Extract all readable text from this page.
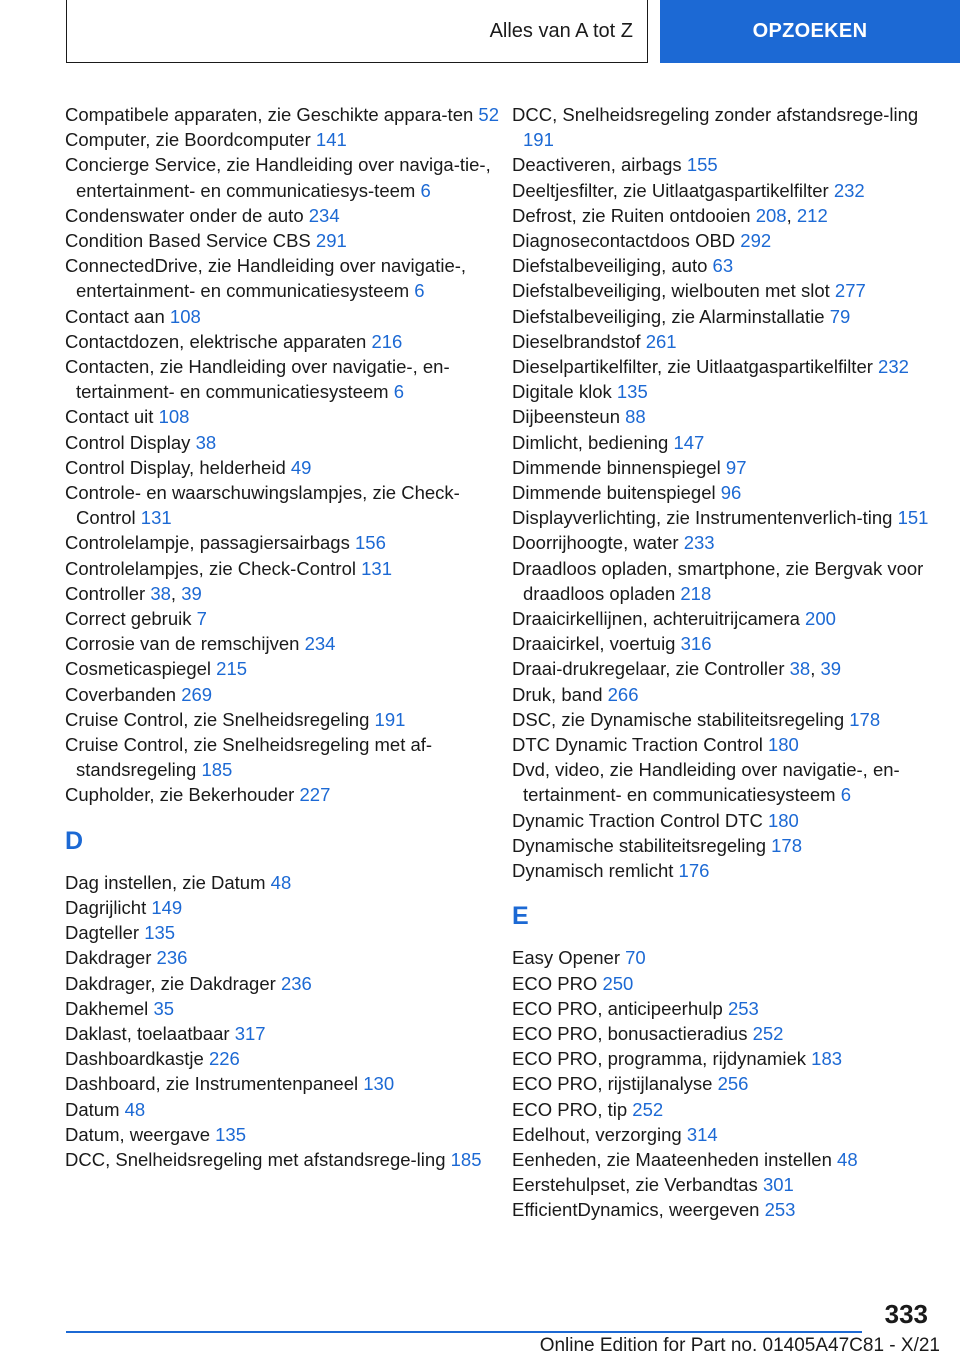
Alles van A tot Z	OPZOEKEN
Compatibele apparaten, zie Geschikte appara-ten 52
Computer, zie Boordcomputer 141
Concierge Service, zie Handleiding over naviga-tie-, entertainment- en communicatiesys-teem 6
Condenswater onder de auto 234
Condition Based Service CBS 291
ConnectedDrive, zie Handleiding over navigatie-, entertainment- en communicatiesysteem 6
Contact aan 108
Contactdozen, elektrische apparaten 216
Contacten, zie Handleiding over navigatie-, en-tertainment- en communicatiesysteem 6
Contact uit 108
Control Display 38
Control Display, helderheid 49
Controle- en waarschuwingslampjes, zie Check-Control 131
Controlelampje, passagiersairbags 156
Controlelampjes, zie Check-Control 131
Controller 38, 39
Correct gebruik 7
Corrosie van de remschijven 234
Cosmeticaspiegel 215
Coverbanden 269
Cruise Control, zie Snelheidsregeling 191
Cruise Control, zie Snelheidsregeling met af-standsregeling 185
Cupholder, zie Bekerhouder 227
D
Dag instellen, zie Datum 48
Dagrijlicht 149
Dagteller 135
Dakdrager 236
Dakdrager, zie Dakdrager 236
Dakhemel 35
Daklast, toelaatbaar 317
Dashboardkastje 226
Dashboard, zie Instrumentenpaneel 130
Datum 48
Datum, weergave 135
DCC, Snelheidsregeling met afstandsrege-ling 185
DCC, Snelheidsregeling zonder afstandsrege-ling 191
Deactiveren, airbags 155
Deeltjesfilter, zie Uitlaatgaspartikelfilter 232
Defrost, zie Ruiten ontdooien 208, 212
Diagnosecontactdoos OBD 292
Diefstalbeveiliging, auto 63
Diefstalbeveiliging, wielbouten met slot 277
Diefstalbeveiliging, zie Alarminstallatie 79
Dieselbrandstof 261
Dieselpartikelfilter, zie Uitlaatgaspartikelfilter 232
Digitale klok 135
Dijbeensteun 88
Dimlicht, bediening 147
Dimmende binnenspiegel 97
Dimmende buitenspiegel 96
Displayverlichting, zie Instrumentenverlich-ting 151
Doorrijhoogte, water 233
Draadloos opladen, smartphone, zie Bergvak voor draadloos opladen 218
Draaicirkellijnen, achteruitrijcamera 200
Draaicirkel, voertuig 316
Draai-drukregelaar, zie Controller 38, 39
Druk, band 266
DSC, zie Dynamische stabiliteitsregeling 178
DTC Dynamic Traction Control 180
Dvd, video, zie Handleiding over navigatie-, en-tertainment- en communicatiesysteem 6
Dynamic Traction Control DTC 180
Dynamische stabiliteitsregeling 178
Dynamisch remlicht 176
E
Easy Opener 70
ECO PRO 250
ECO PRO, anticipeerhulp 253
ECO PRO, bonusactieradius 252
ECO PRO, programma, rijdynamiek 183
ECO PRO, rijstijlanalyse 256
ECO PRO, tip 252
Edelhout, verzorging 314
Eenheden, zie Maateenheden instellen 48
Eerstehulpset, zie Verbandtas 301
EfficientDynamics, weergeven 253
333
Online Edition for Part no. 01405A47C81 - X/21
